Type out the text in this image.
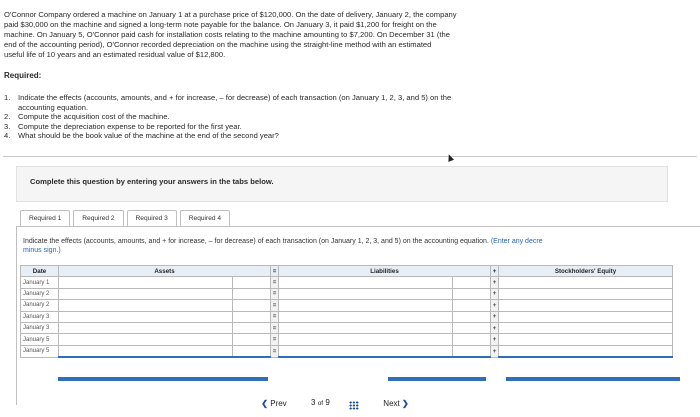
O'Connor Company ordered a machine on January 1 at a purchase price of $120,000. On the date of delivery, January 2, the company

paid $30,000 on the machine and signed a long-term note payable for the balance. On January 3, it paid $1,200 for freight on the

machine. On January 5, O'Connor paid cash for installation costs relating to the machine amounting to $7,200. On December 31 (the

end of the accounting period), O'Connor recorded depreciation on the machine using the straight-line method with an estimated

useful life of 10 years and an estimated residual value of $12,800.

Required:
1.	Indicate the effects (accounts, amounts, and + for increase, – for decrease) of each transaction (on January 1, 2, 3, and 5) on the
accounting equation.
2.	Compute the acquisition cost of the machine.
3.	Compute the depreciation expense to be reported for the first year.
4.	What should be the book value of the machine at the end of the second year?
Complete this question by entering your answers in the tabs below.
Required 1	Required 2	Required 3	Required 4
Indicate the effects (accounts, amounts, and + for increase, – for decrease) of each transaction (on January 1, 2, 3, and 5) on the accounting equation. (Enter any decre
minus sign.)
Date	Assets		=	Liabilities		+	Stockholders' Equity
January 1			=			+	
January 2			=			+	
January 2			=			+	
January 3			=			+	
January 3			=			+	
January 5			=			+	
January 5			=			+	
❮ Prev	3 of 9	Next ❯
